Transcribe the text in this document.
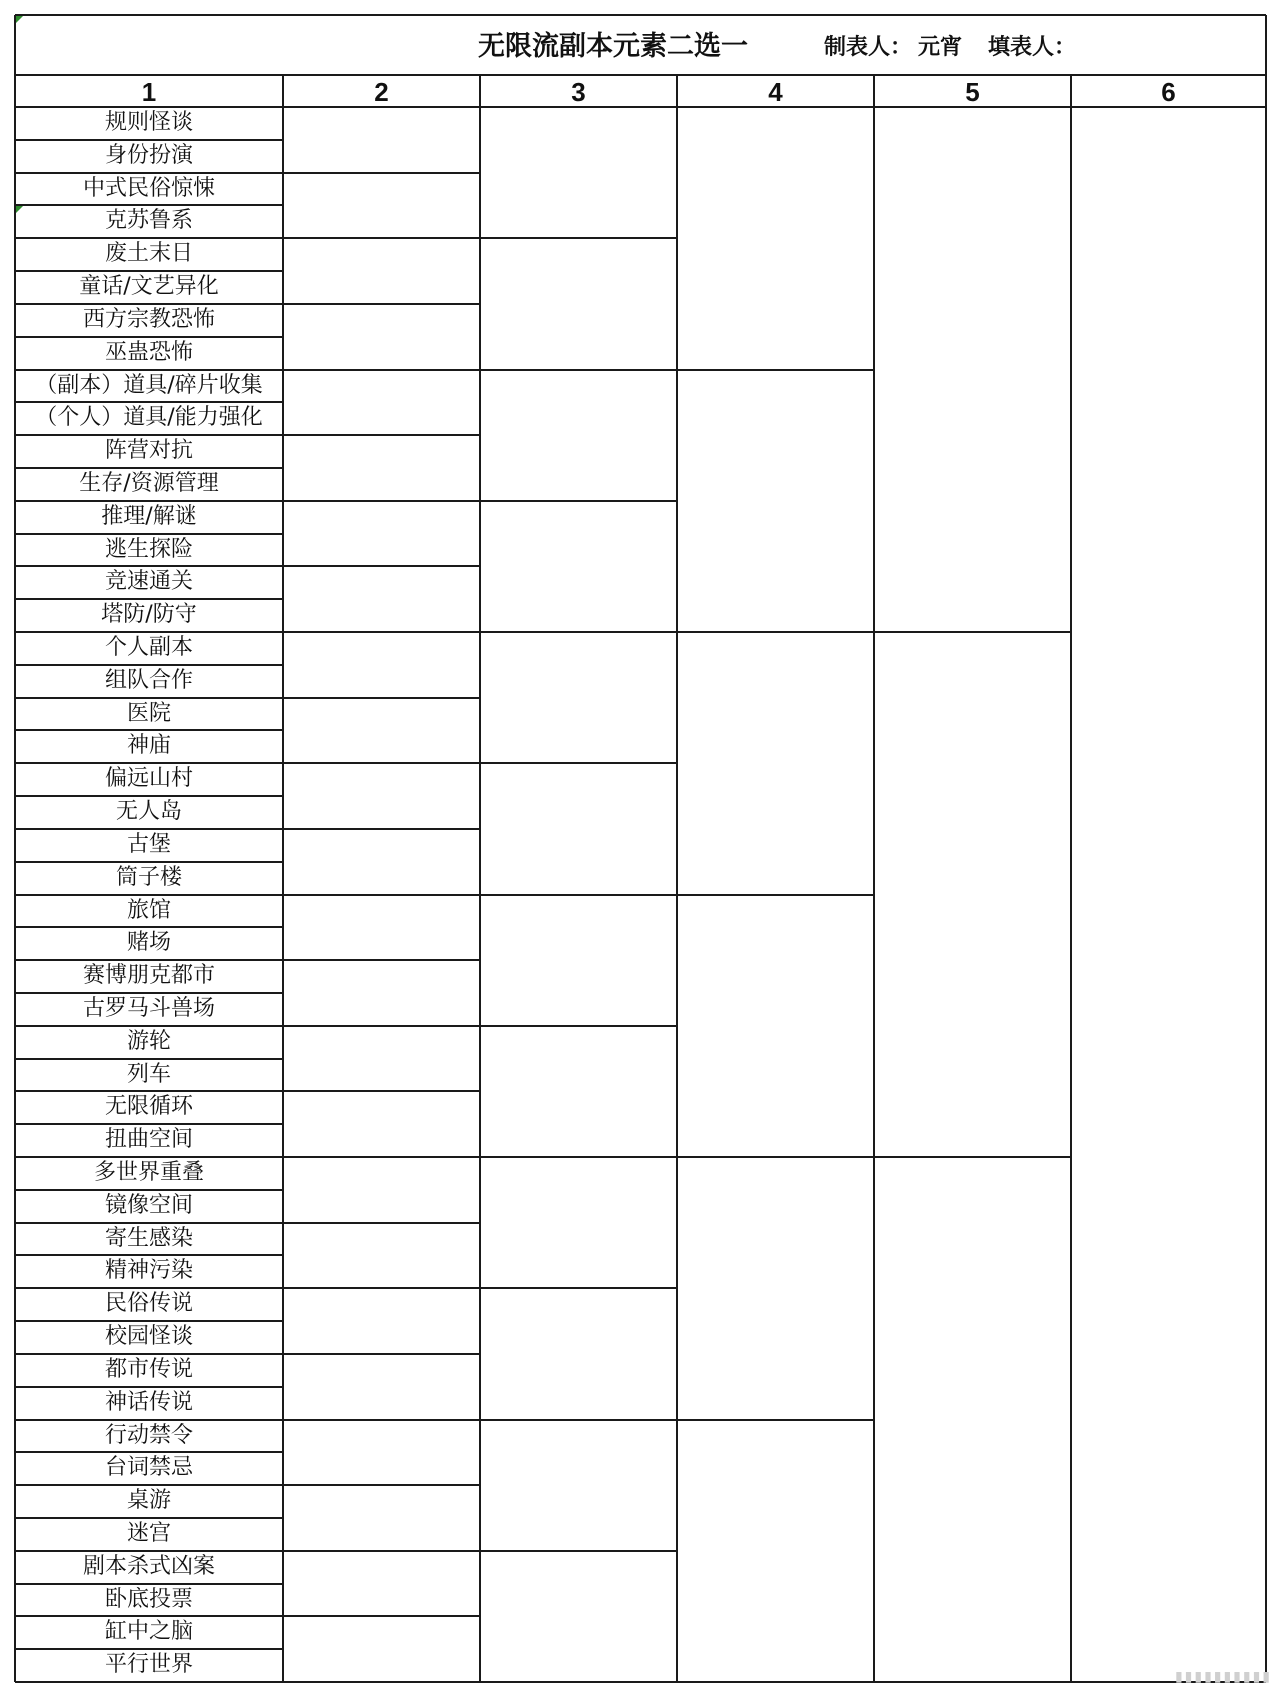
无限流副本元素二选一	制表人： 元宵 填表人：
1	2	3	4	5	6
规则怪谈
身份扮演
中式民俗惊悚
克苏鲁系
废土末日
童话/文艺异化
西方宗教恐怖
巫蛊恐怖
（副本）道具/碎片收集
（个人）道具/能力强化
阵营对抗
生存/资源管理
推理/解谜
逃生探险
竞速通关
塔防/防守
个人副本
组队合作
医院
神庙
偏远山村
无人岛
古堡
筒子楼
旅馆
赌场
赛博朋克都市
古罗马斗兽场
游轮
列车
无限循环
扭曲空间
多世界重叠
镜像空间
寄生感染
精神污染
民俗传说
校园怪谈
都市传说
神话传说
行动禁令
台词禁忌
桌游
迷宫
剧本杀式凶案
卧底投票
缸中之脑
平行世界	▮▮▮▮▮▮▮▮▮▮
